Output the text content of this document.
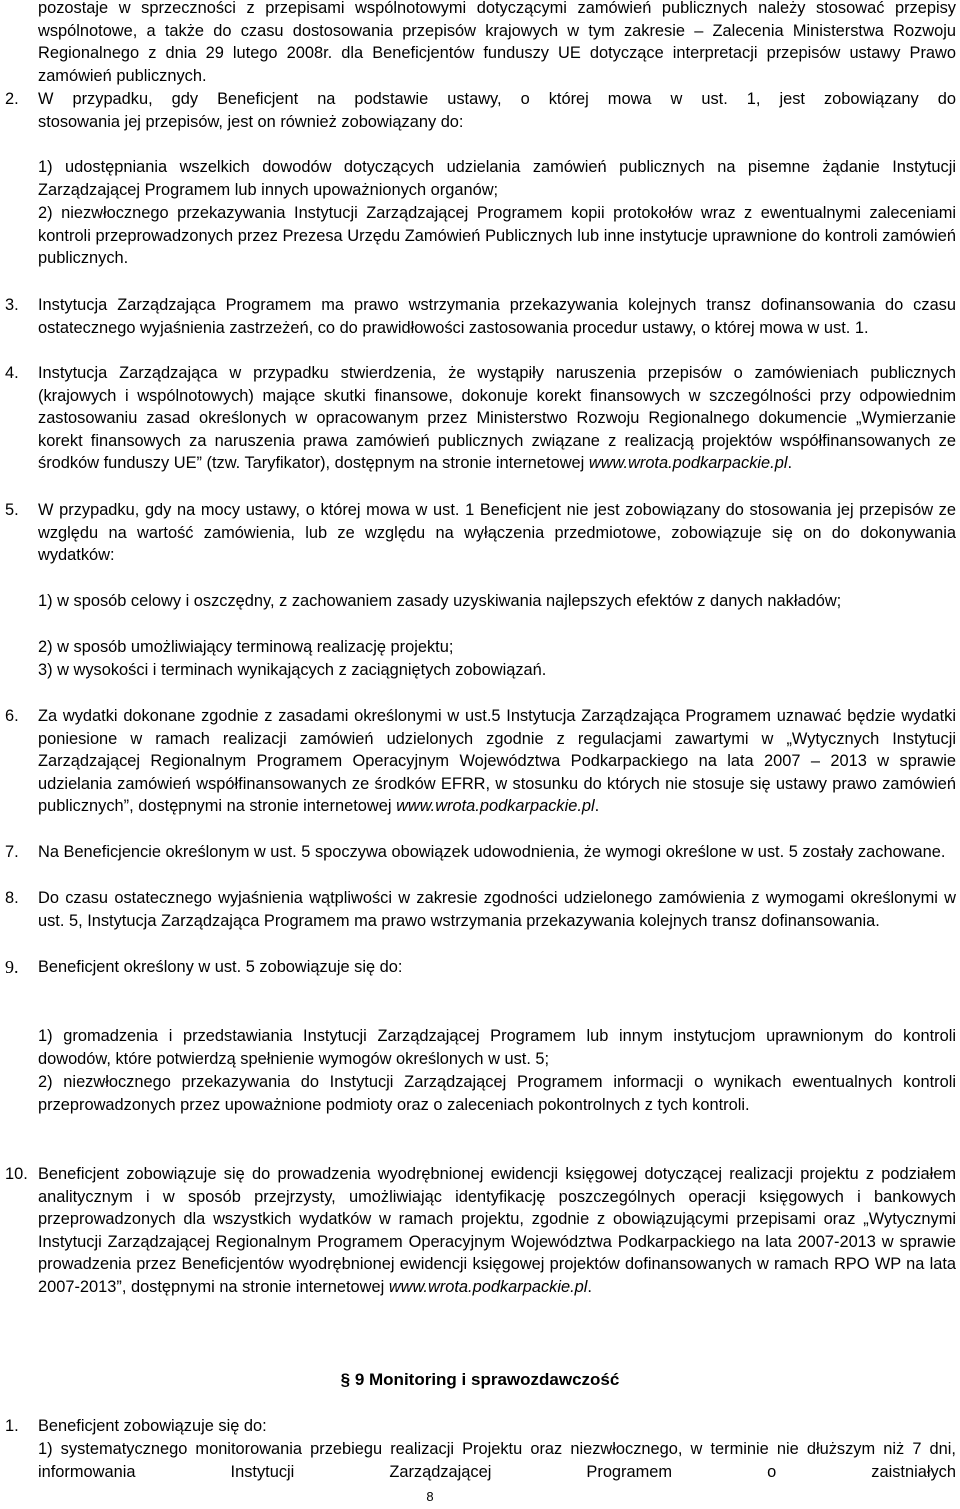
pozostaje w sprzeczności z przepisami wspólnotowymi dotyczącymi zamówień publicznych należy stosować przepisy wspólnotowe, a także do czasu dostosowania przepisów krajowych w tym zakresie – Zalecenia Ministerstwa Rozwoju Regionalnego z dnia 29 lutego 2008r. dla Beneficjentów funduszy UE dotyczące interpretacji przepisów ustawy Prawo zamówień publicznych.

2. W przypadku, gdy Beneficjent na podstawie ustawy, o której mowa w ust. 1, jest zobowiązany do

stosowania jej przepisów, jest on również zobowiązany do:

1) udostępniania wszelkich dowodów dotyczących udzielania zamówień publicznych na pisemne żądanie Instytucji Zarządzającej Programem lub innych upoważnionych organów;

2) niezwłocznego przekazywania Instytucji Zarządzającej Programem kopii protokołów wraz z ewentualnymi zaleceniami kontroli przeprowadzonych przez Prezesa Urzędu Zamówień Publicznych lub inne instytucje uprawnione do kontroli zamówień publicznych.

3. Instytucja Zarządzająca Programem ma prawo wstrzymania przekazywania kolejnych transz dofinansowania do czasu ostatecznego wyjaśnienia zastrzeżeń, co do prawidłowości zastosowania procedur ustawy, o której mowa w ust. 1.

4. Instytucja Zarządzająca w przypadku stwierdzenia, że wystąpiły naruszenia przepisów o zamówieniach publicznych (krajowych i wspólnotowych) mające skutki finansowe, dokonuje korekt finansowych w szczególności przy odpowiednim zastosowaniu zasad określonych w opracowanym przez Ministerstwo Rozwoju Regionalnego dokumencie „Wymierzanie korekt finansowych za naruszenia prawa zamówień publicznych związane z realizacją projektów współfinansowanych ze środków funduszy UE” (tzw. Taryfikator), dostępnym na stronie internetowej www.wrota.podkarpackie.pl.

5. W przypadku, gdy na mocy ustawy, o której mowa w ust. 1 Beneficjent nie jest zobowiązany do stosowania jej przepisów ze względu na wartość zamówienia, lub ze względu na wyłączenia przedmiotowe, zobowiązuje się on do dokonywania wydatków:

1) w sposób celowy i oszczędny, z zachowaniem zasady uzyskiwania najlepszych efektów z danych nakładów;

2) w sposób umożliwiający terminową realizację projektu;

3) w wysokości i terminach wynikających z zaciągniętych zobowiązań.

6. Za wydatki dokonane zgodnie z zasadami określonymi w ust.5 Instytucja Zarządzająca Programem uznawać będzie wydatki poniesione w ramach realizacji zamówień udzielonych zgodnie z regulacjami zawartymi w „Wytycznych Instytucji Zarządzającej Regionalnym Programem Operacyjnym Województwa Podkarpackiego na lata 2007 – 2013 w sprawie udzielania zamówień współfinansowanych ze środków EFRR, w stosunku do których nie stosuje się ustawy prawo zamówień publicznych”, dostępnymi na stronie internetowej www.wrota.podkarpackie.pl.

7. Na Beneficjencie określonym w ust. 5 spoczywa obowiązek udowodnienia, że wymogi określone w ust. 5 zostały zachowane.

8. Do czasu ostatecznego wyjaśnienia wątpliwości w zakresie zgodności udzielonego zamówienia z wymogami określonymi w ust. 5, Instytucja Zarządzająca Programem ma prawo wstrzymania przekazywania kolejnych transz dofinansowania.

9. Beneficjent określony w ust. 5 zobowiązuje się do:

1) gromadzenia i przedstawiania Instytucji Zarządzającej Programem lub innym instytucjom uprawnionym do kontroli dowodów, które potwierdzą spełnienie wymogów określonych w ust. 5;

2) niezwłocznego przekazywania do Instytucji Zarządzającej Programem informacji o wynikach ewentualnych kontroli przeprowadzonych przez upoważnione podmioty oraz o zaleceniach pokontrolnych z tych kontroli.

10. Beneficjent zobowiązuje się do prowadzenia wyodrębnionej ewidencji księgowej dotyczącej realizacji projektu z podziałem analitycznym i w sposób przejrzysty, umożliwiając identyfikację poszczególnych operacji księgowych i bankowych przeprowadzonych dla wszystkich wydatków w ramach projektu, zgodnie z obowiązującymi przepisami oraz „Wytycznymi Instytucji Zarządzającej Regionalnym Programem Operacyjnym Województwa Podkarpackiego na lata 2007-2013 w sprawie prowadzenia przez Beneficjentów wyodrębnionej ewidencji księgowej projektów dofinansowanych w ramach RPO WP na lata 2007-2013”, dostępnymi na stronie internetowej www.wrota.podkarpackie.pl.

§ 9 Monitoring i sprawozdawczość

1. Beneficjent zobowiązuje się do:

1) systematycznego monitorowania przebiegu realizacji Projektu oraz niezwłocznego, w terminie nie dłuższym niż 7 dni, informowania Instytucji Zarządzającej Programem o zaistniałych

8
